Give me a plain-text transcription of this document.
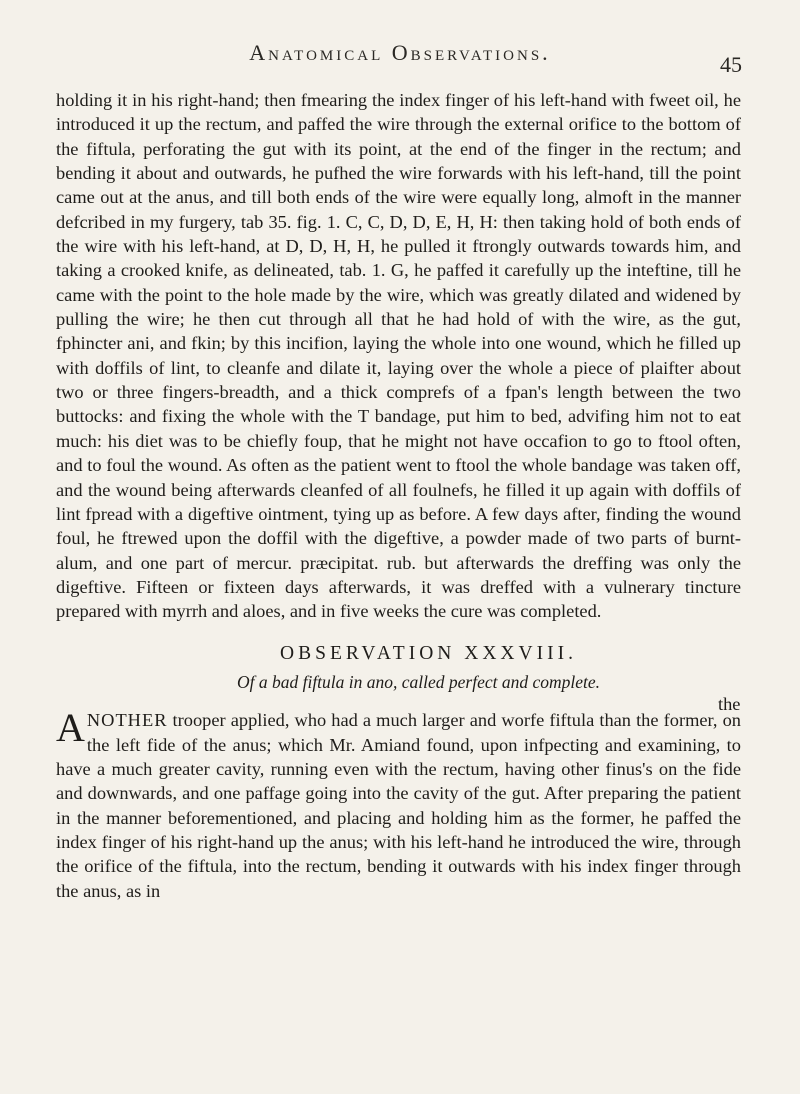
Anatomical Observations.	45

holding it in his right-hand; then fmearing the index finger of his left-hand with fweet oil, he introduced it up the rectum, and paffed the wire through the external orifice to the bottom of the fiftula, perforating the gut with its point, at the end of the finger in the rectum; and bending it about and outwards, he pufhed the wire forwards with his left-hand, till the point came out at the anus, and till both ends of the wire were equally long, almoft in the manner defcribed in my furgery, tab 35. fig. 1. C, C, D, D, E, H, H: then taking hold of both ends of the wire with his left-hand, at D, D, H, H, he pulled it ftrongly outwards towards him, and taking a crooked knife, as delineated, tab. 1. G, he paffed it carefully up the inteftine, till he came with the point to the hole made by the wire, which was greatly dilated and widened by pulling the wire; he then cut through all that he had hold of with the wire, as the gut, fphincter ani, and fkin; by this incifion, laying the whole into one wound, which he filled up with doffils of lint, to cleanfe and dilate it, laying over the whole a piece of plaifter about two or three fingers-breadth, and a thick comprefs of a fpan's length between the two buttocks: and fixing the whole with the T bandage, put him to bed, advifing him not to eat much: his diet was to be chiefly foup, that he might not have occafion to go to ftool often, and to foul the wound. As often as the patient went to ftool the whole bandage was taken off, and the wound being afterwards cleanfed of all foulnefs, he filled it up again with doffils of lint fpread with a digeftive ointment, tying up as before. A few days after, finding the wound foul, he ftrewed upon the doffil with the digeftive, a powder made of two parts of burnt-alum, and one part of mercur. præcipitat. rub. but afterwards the dreffing was only the digeftive. Fifteen or fixteen days afterwards, it was dreffed with a vulnerary tincture prepared with myrrh and aloes, and in five weeks the cure was completed.

OBSERVATION XXXVIII.
Of a bad fiftula in ano, called perfect and complete.

ANOTHER trooper applied, who had a much larger and worfe fiftula than the former, on the left fide of the anus; which Mr. Amiand found, upon infpecting and examining, to have a much greater cavity, running even with the rectum, having other finus's on the fide and downwards, and one paffage going into the cavity of the gut. After preparing the patient in the manner beforementioned, and placing and holding him as the former, he paffed the index finger of his right-hand up the anus; with his left-hand he introduced the wire, through the orifice of the fiftula, into the rectum, bending it outwards with his index finger through the anus, as in

the
